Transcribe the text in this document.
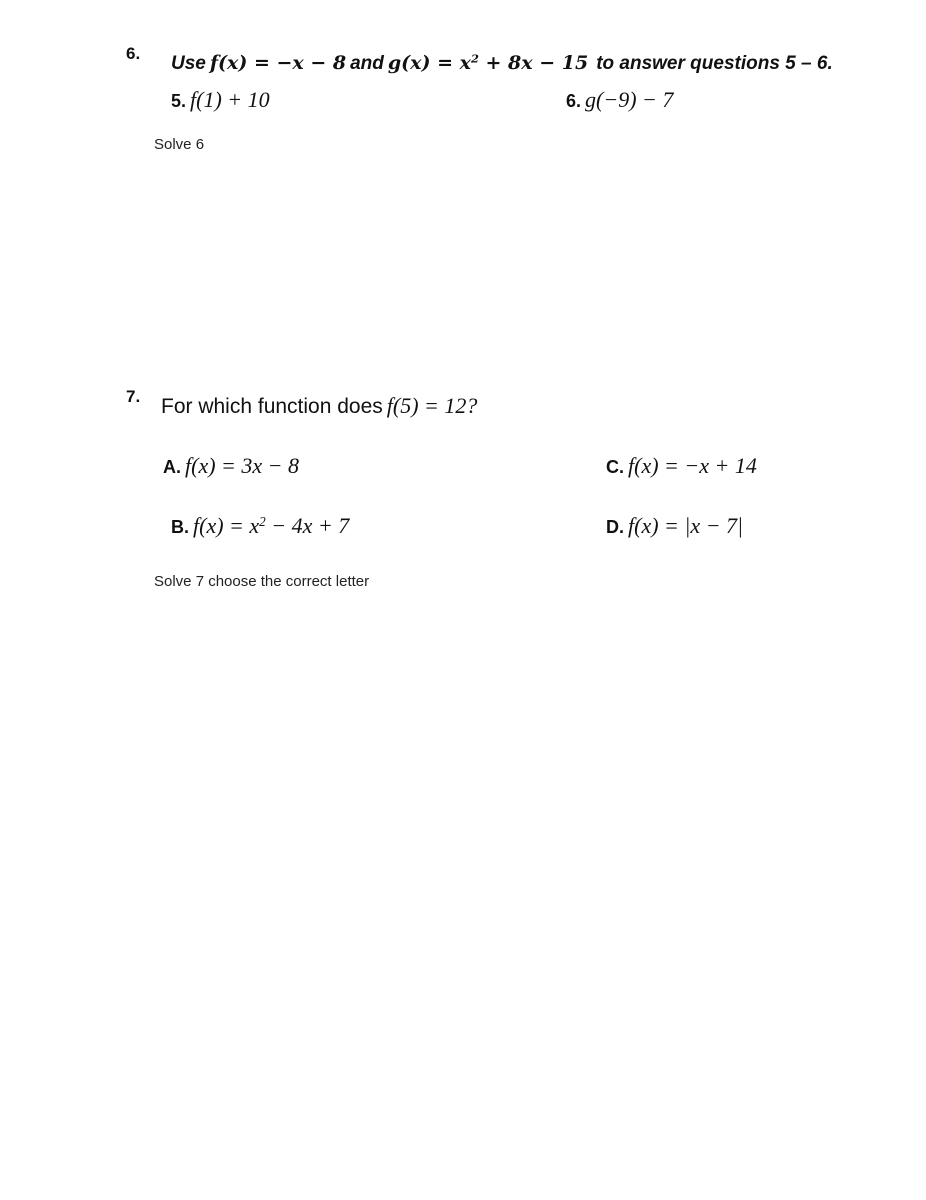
6. Use f(x) = −x − 8 and $g(x) = x^2 + 8x - 15$ to answer questions 5 – 6.
5. f(1) + 10	6. g(−9) − 7
Solve 6
7. For which function does f(5) = 12?
A. f(x) = 3x − 8
B. $f(x) = x^2 - 4x + 7$
C. f(x) = −x + 14
D. f(x) = |x − 7|
Solve 7 choose the correct letter
